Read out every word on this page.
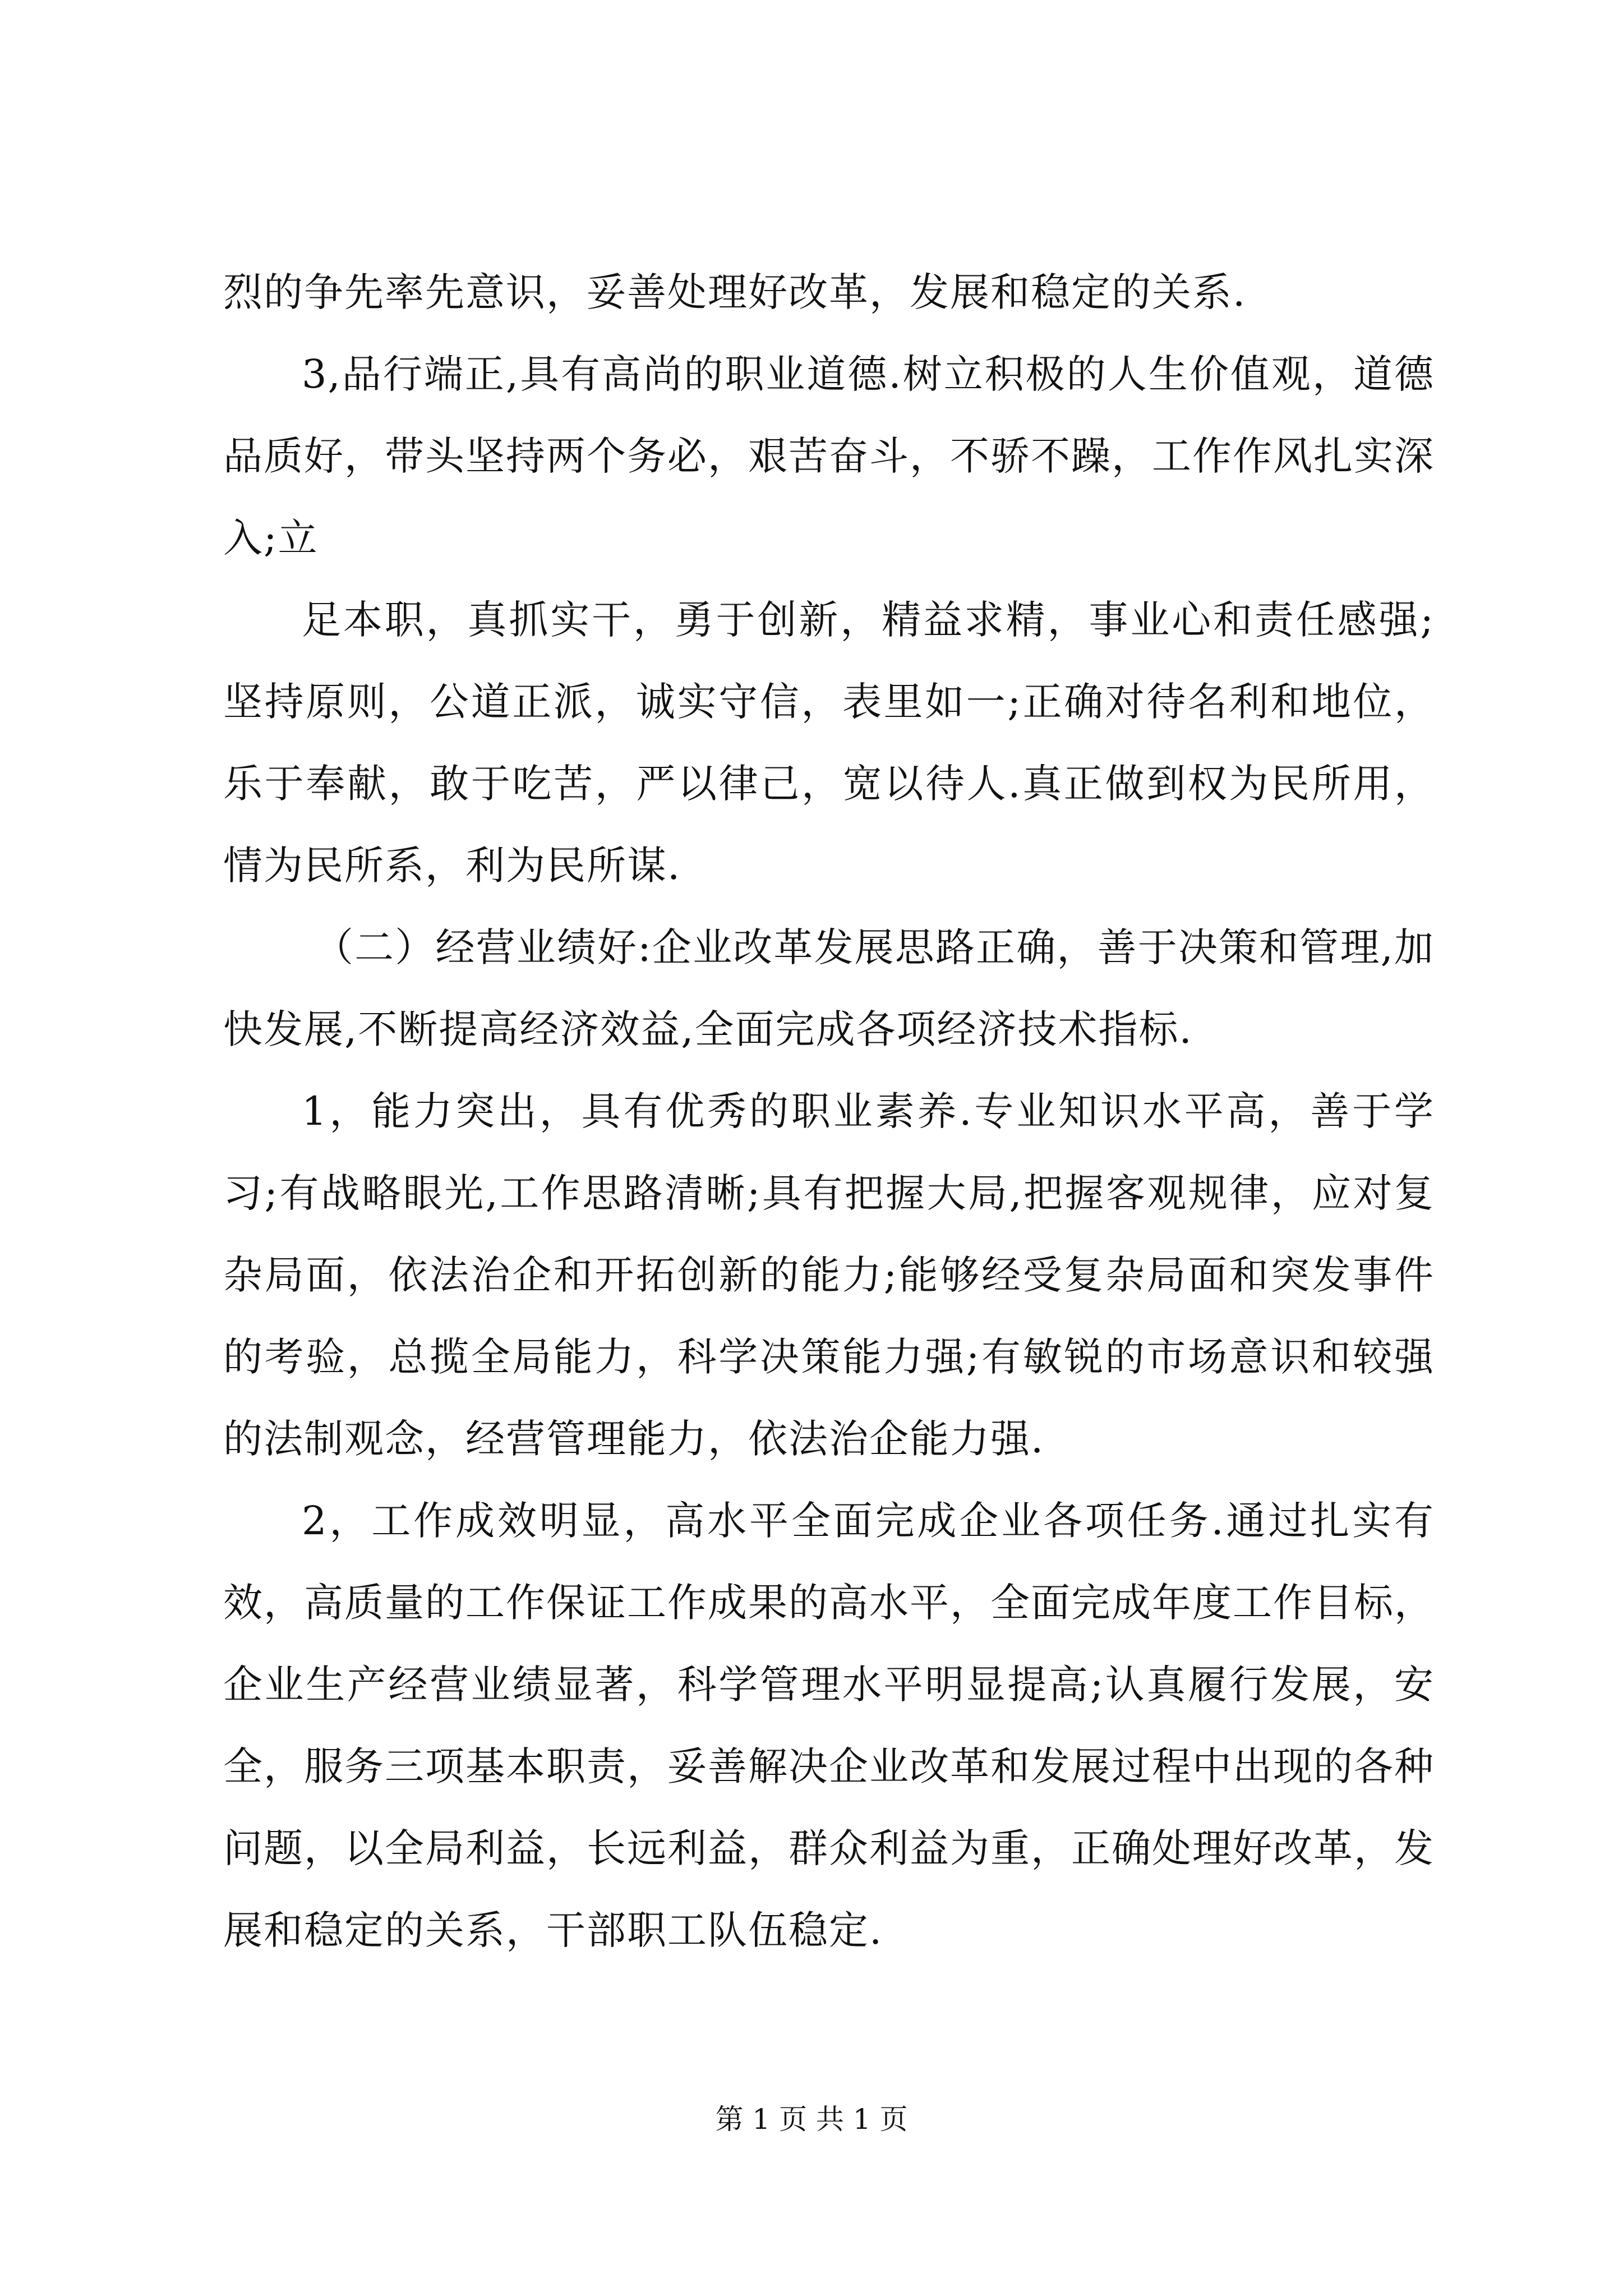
烈的争先率先意识，妥善处理好改革，发展和稳定的关系.

3,品行端正,具有高尚的职业道德.树立积极的人生价值观，道德品质好，带头坚持两个务必，艰苦奋斗，不骄不躁，工作作风扎实深入;立

足本职，真抓实干，勇于创新，精益求精，事业心和责任感强;坚持原则，公道正派，诚实守信，表里如一;正确对待名利和地位，乐于奉献，敢于吃苦，严以律己，宽以待人.真正做到权为民所用，情为民所系，利为民所谋.

（二）经营业绩好:企业改革发展思路正确，善于决策和管理,加快发展,不断提高经济效益,全面完成各项经济技术指标.

1，能力突出，具有优秀的职业素养.专业知识水平高，善于学习;有战略眼光,工作思路清晰;具有把握大局,把握客观规律，应对复杂局面，依法治企和开拓创新的能力;能够经受复杂局面和突发事件的考验，总揽全局能力，科学决策能力强;有敏锐的市场意识和较强的法制观念，经营管理能力，依法治企能力强.

2，工作成效明显，高水平全面完成企业各项任务.通过扎实有效，高质量的工作保证工作成果的高水平，全面完成年度工作目标，企业生产经营业绩显著，科学管理水平明显提高;认真履行发展，安全，服务三项基本职责，妥善解决企业改革和发展过程中出现的各种问题，以全局利益，长远利益，群众利益为重，正确处理好改革，发展和稳定的关系，干部职工队伍稳定.

第 1 页 共 1 页
